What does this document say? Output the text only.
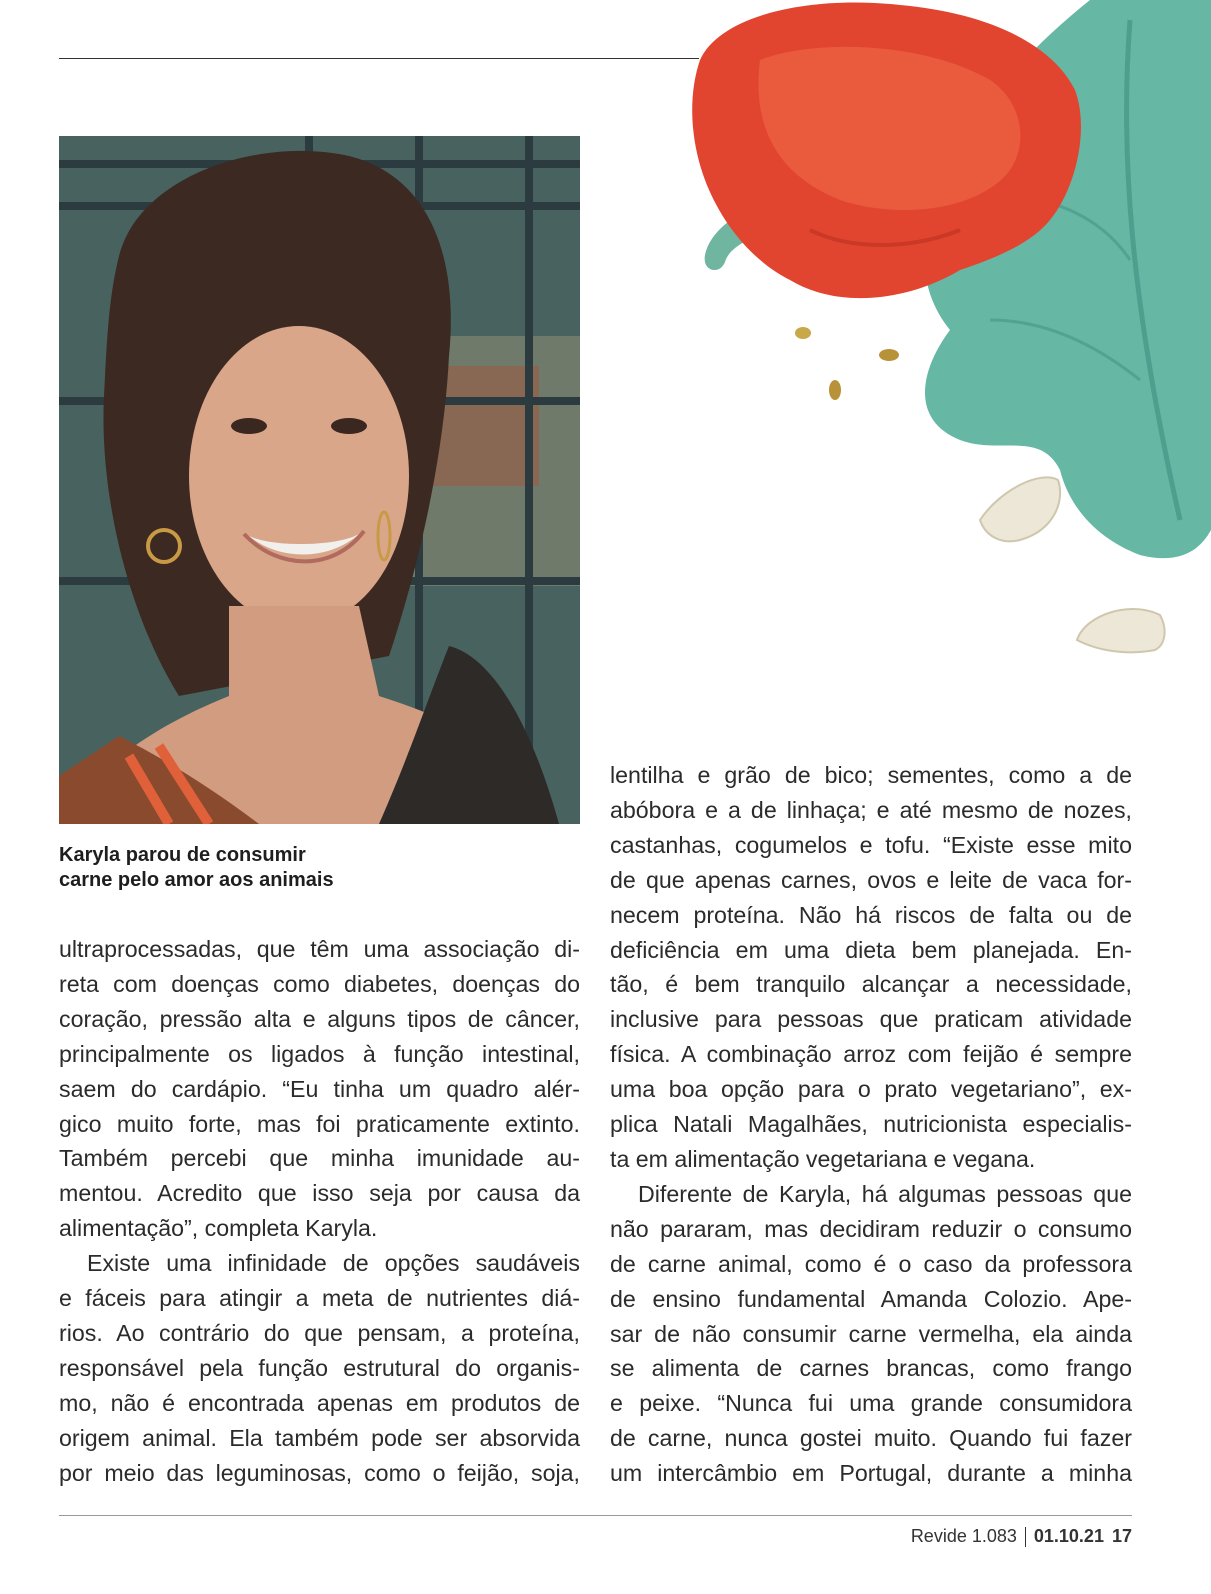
Karyla parou de consumir
carne pelo amor aos animais

ultraprocessadas, que têm uma associação di-

reta com doenças como diabetes, doenças do

coração, pressão alta e alguns tipos de câncer,

principalmente os ligados à função intestinal,

saem do cardápio. “Eu tinha um quadro alér-

gico muito forte, mas foi praticamente extinto.

Também percebi que minha imunidade au-

mentou. Acredito que isso seja por causa da

alimentação”, completa Karyla.

Existe uma infinidade de opções saudáveis

e fáceis para atingir a meta de nutrientes diá-

rios. Ao contrário do que pensam, a proteína,

responsável pela função estrutural do organis-

mo, não é encontrada apenas em produtos de

origem animal. Ela também pode ser absorvida

por meio das leguminosas, como o feijão, soja,

lentilha e grão de bico; sementes, como a de

abóbora e a de linhaça; e até mesmo de nozes,

castanhas, cogumelos e tofu. “Existe esse mito

de que apenas carnes, ovos e leite de vaca for-

necem proteína. Não há riscos de falta ou de

deficiência em uma dieta bem planejada. En-

tão, é bem tranquilo alcançar a necessidade,

inclusive para pessoas que praticam atividade

física. A combinação arroz com feijão é sempre

uma boa opção para o prato vegetariano”, ex-

plica Natali Magalhães, nutricionista especialis-

ta em alimentação vegetariana e vegana.

Diferente de Karyla, há algumas pessoas que

não pararam, mas decidiram reduzir o consumo

de carne animal, como é o caso da professora

de ensino fundamental Amanda Colozio. Ape-

sar de não consumir carne vermelha, ela ainda

se alimenta de carnes brancas, como frango

e peixe. “Nunca fui uma grande consumidora

de carne, nunca gostei muito. Quando fui fazer

um intercâmbio em Portugal, durante a minha

Revide 1.083 01.10.21 17
